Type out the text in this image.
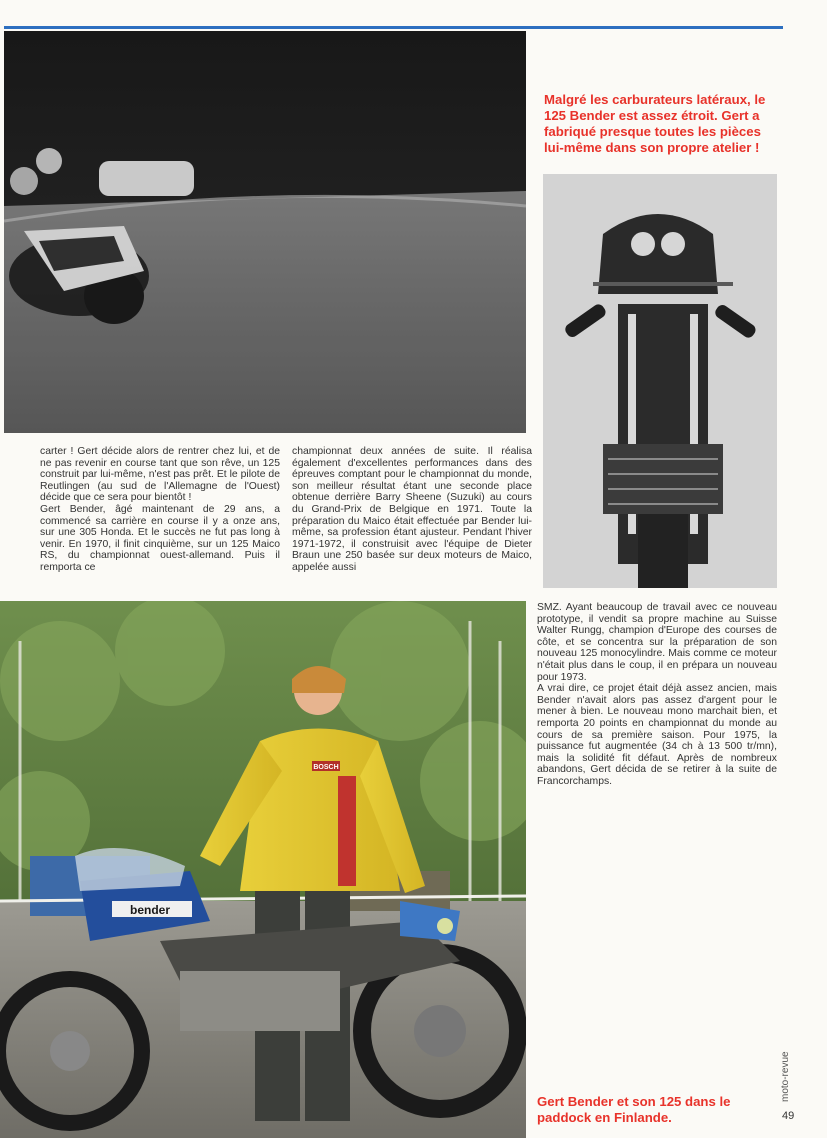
Malgré les carburateurs latéraux, le 125 Bender est assez étroit. Gert a fabriqué presque toutes les pièces lui-même dans son propre atelier !

carter ! Gert décide alors de rentrer chez lui, et de ne pas revenir en course tant que son rêve, un 125 construit par lui-même, n'est pas prêt. Et le pilote de Reutlingen (au sud de l'Allemagne de l'Ouest) décide que ce sera pour bientôt !

Gert Bender, âgé maintenant de 29 ans, a commencé sa carrière en course il y a onze ans, sur une 305 Honda. Et le succès ne fut pas long à venir. En 1970, il finit cinquième, sur un 125 Maico RS, du championnat ouest-allemand. Puis il remporta ce

championnat deux années de suite. Il réalisa également d'excellentes performances dans des épreuves comptant pour le championnat du monde, son meilleur résultat étant une seconde place obtenue derrière Barry Sheene (Suzuki) au cours du Grand-Prix de Belgique en 1971. Toute la préparation du Maico était effectuée par Bender lui-même, sa profession étant ajusteur. Pendant l'hiver 1971-1972, il construisit avec l'équipe de Dieter Braun une 250 basée sur deux moteurs de Maico, appelée aussi

SMZ. Ayant beaucoup de travail avec ce nouveau prototype, il vendit sa propre machine au Suisse Walter Rungg, champion d'Europe des courses de côte, et se concentra sur la préparation de son nouveau 125 monocylindre. Mais comme ce moteur n'était plus dans le coup, il en prépara un nouveau pour 1973.

A vrai dire, ce projet était déjà assez ancien, mais Bender n'avait alors pas assez d'argent pour le mener à bien. Le nouveau mono marchait bien, et remporta 20 points en championnat du monde au cours de sa première saison. Pour 1975, la puissance fut augmentée (34 ch à 13 500 tr/mn), mais la solidité fit défaut. Après de nombreux abandons, Gert décida de se retirer à la suite de Francorchamps.

BOSCH
bender

Gert Bender et son 125 dans le paddock en Finlande.

moto-revue
49
